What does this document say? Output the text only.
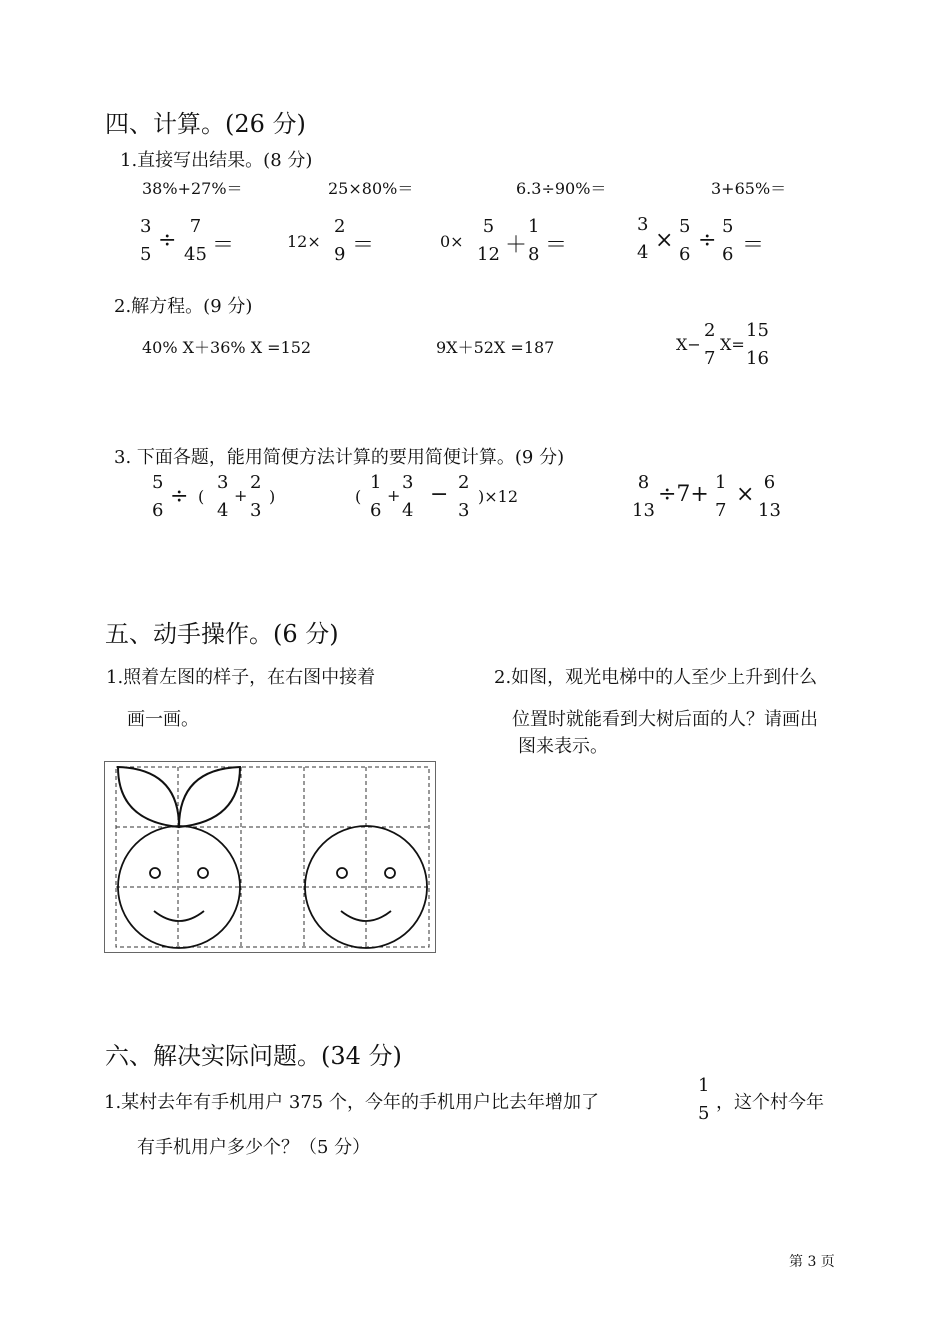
四、计算。(26 分)
1.直接写出结果。(8 分)
38%+27%＝	25×80%＝	6.3÷90%＝	3+65%＝
3
5
÷
7
45 ＝	12×
2
9 ＝	0×
5
12 ＋
1
8 ＝
3
4 ×
5
6
÷
5
6 ＝
2.解方程。(9 分)
40% X＋36% X =152	9X＋52X =187	X−
2
7
X=
15
16
3. 下面各题，能用简便方法计算的要用简便计算。(9 分)
5
6
÷ (
3
4
+
2
3
)	(
1
6
+
3
4
− 2
3
)×12
8
13
÷7+ 1
7
× 6
13
五、动手操作。(6 分)
1.照着左图的样子，在右图中接着
画一画。
2.如图，观光电梯中的人至少上升到什么
位置时就能看到大树后面的人？请画出
图来表示。
六、解决实际问题。(34 分)
1.某村去年有手机用户 375 个，今年的手机用户比去年增加了
1
5
，这个村今年
有手机用户多少个？（5 分）
第 3 页
